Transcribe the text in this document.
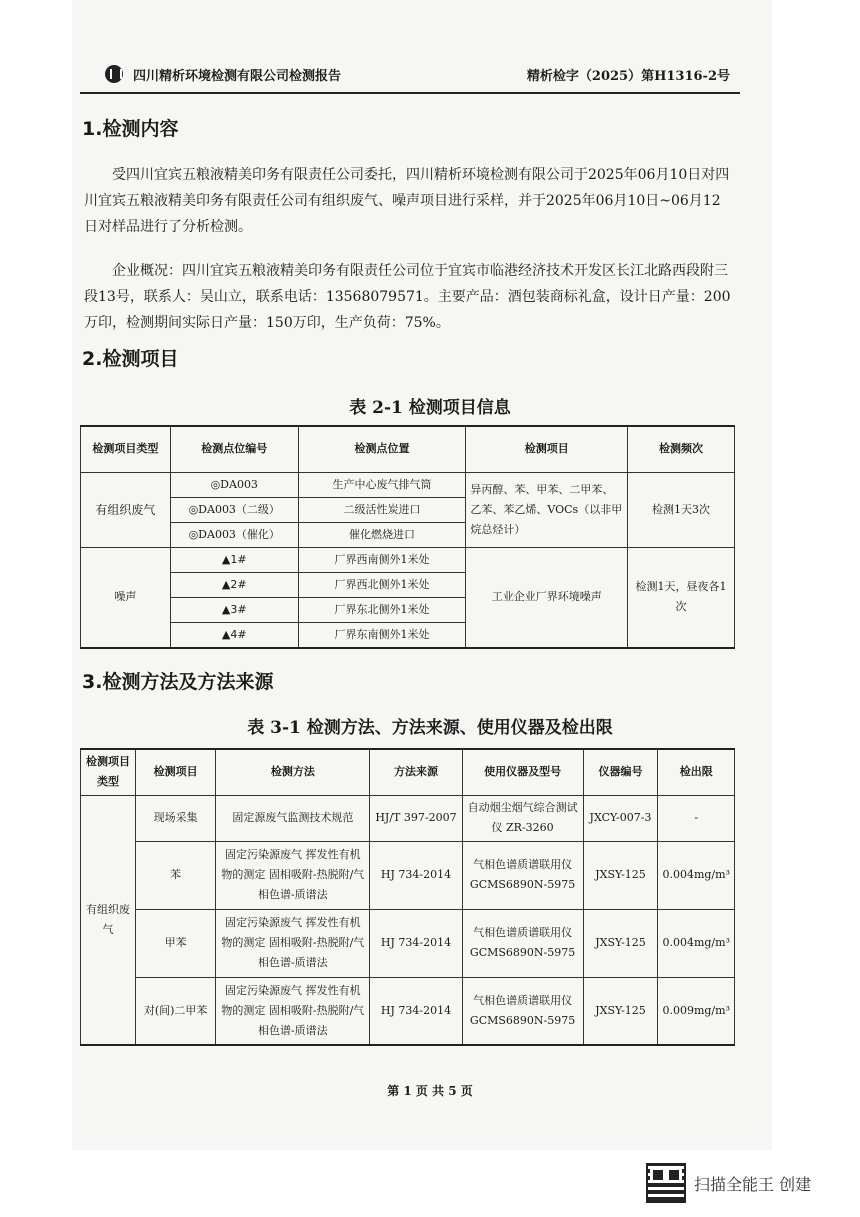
四川精析环境检测有限公司检测报告	精析检字（2025）第H1316-2号
1.检测内容
受四川宜宾五粮液精美印务有限责任公司委托，四川精析环境检测有限公司于2025年06月10日对四川宜宾五粮液精美印务有限责任公司有组织废气、噪声项目进行采样，并于2025年06月10日~06月12日对样品进行了分析检测。
企业概况：四川宜宾五粮液精美印务有限责任公司位于宜宾市临港经济技术开发区长江北路西段附三段13号，联系人：吴山立，联系电话：13568079571。主要产品：酒包装商标礼盒，设计日产量：200万印，检测期间实际日产量：150万印，生产负荷：75%。
2.检测项目
表 2-1 检测项目信息
检测项目类型	检测点位编号	检测点位置	检测项目	检测频次
有组织废气	◎DA003	生产中心废气排气筒	异丙醇、苯、甲苯、二甲苯、乙苯、苯乙烯、VOCs（以非甲烷总烃计）	检测1天3次
	◎DA003（二级）	二级活性炭进口		
	◎DA003（催化）	催化燃烧进口		
噪声	▲1#	厂界西南侧外1米处	工业企业厂界环境噪声	检测1天，昼夜各1次
	▲2#	厂界西北侧外1米处		
	▲3#	厂界东北侧外1米处		
	▲4#	厂界东南侧外1米处		
3.检测方法及方法来源
表 3-1 检测方法、方法来源、使用仪器及检出限
检测项目类型	检测项目	检测方法	方法来源	使用仪器及型号	仪器编号	检出限
有组织废气	现场采集	固定源废气监测技术规范	HJ/T 397-2007	自动烟尘烟气综合测试仪 ZR-3260	JXCY-007-3	-
	苯	固定污染源废气 挥发性有机物的测定 固相吸附-热脱附/气相色谱-质谱法	HJ 734-2014	气相色谱质谱联用仪 GCMS6890N-5975	JXSY-125	0.004mg/m³
	甲苯	固定污染源废气 挥发性有机物的测定 固相吸附-热脱附/气相色谱-质谱法	HJ 734-2014	气相色谱质谱联用仪 GCMS6890N-5975	JXSY-125	0.004mg/m³
	对(间)二甲苯	固定污染源废气 挥发性有机物的测定 固相吸附-热脱附/气相色谱-质谱法	HJ 734-2014	气相色谱质谱联用仪 GCMS6890N-5975	JXSY-125	0.009mg/m³
第 1 页 共 5 页
扫描全能王 创建
